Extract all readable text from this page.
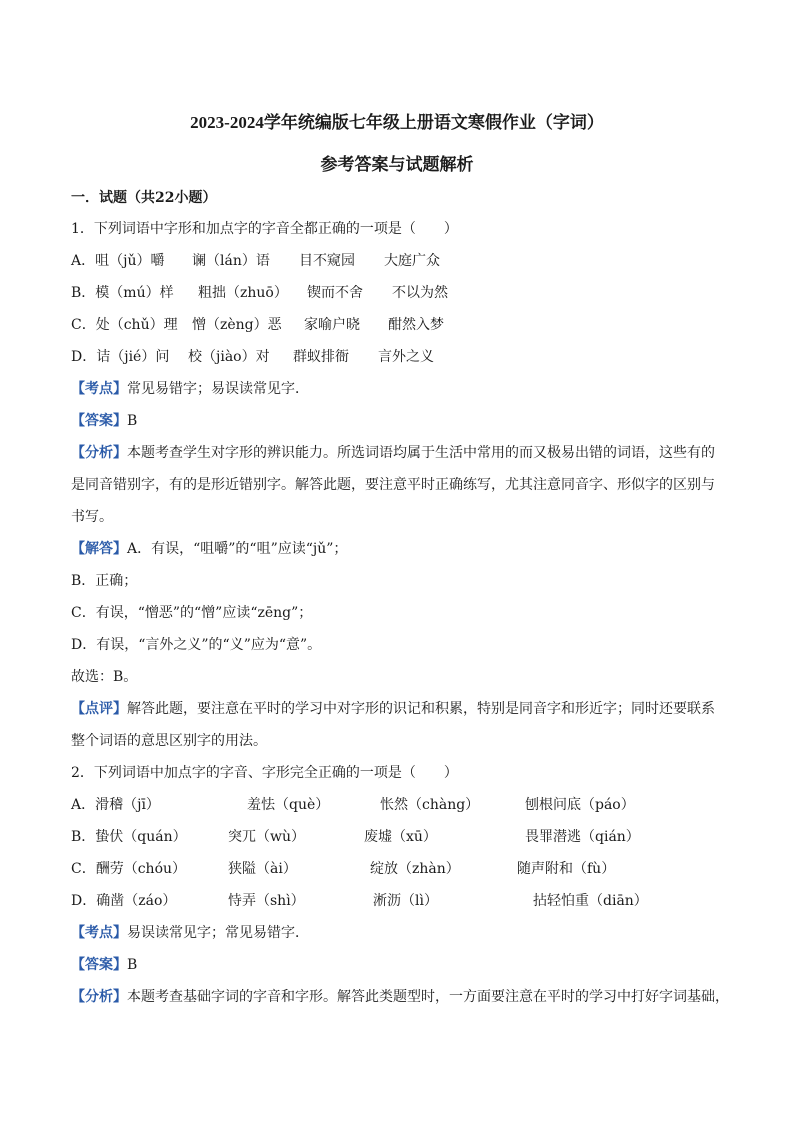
2023-2024学年统编版七年级上册语文寒假作业（字词）
参考答案与试题解析
一．试题（共22小题）
1．下列词语中字形和加点字的字音全都正确的一项是（　　）
A．咀（jǔ）嚼 谰（lán）语 目不窥园 大庭广众
B．模（mú）样 粗拙（zhuō） 锲而不舍 不以为然
C．处（chǔ）理 憎（zèng）恶 家喻户晓 酣然入梦
D．诘（jié）问 校（jiào）对 群蚁排衙 言外之义
【考点】常见易错字；易误读常见字．
【答案】B
【分析】本题考查学生对字形的辨识能力。所选词语均属于生活中常用的而又极易出错的词语，这些有的
是同音错别字，有的是形近错别字。解答此题，要注意平时正确练写，尤其注意同音字、形似字的区别与
书写。
【解答】A．有误，“咀嚼”的“咀”应读“jǔ”；
B．正确；
C．有误，“憎恶”的“憎”应读“zēng”；
D．有误，“言外之义”的“义”应为“意”。
故选：B。
【点评】解答此题，要注意在平时的学习中对字形的识记和积累，特别是同音字和形近字；同时还要联系
整个词语的意思区别字的用法。
2．下列词语中加点字的字音、字形完全正确的一项是（　　）
A．滑稽（jī）	羞怯（què）	怅然（chàng）	刨根问底（páo）
B．蛰伏（quán）	突兀（wù）	废墟（xū）	畏罪潜逃（qián）
C．酬劳（chóu）	狭隘（ài）	绽放（zhàn）	随声附和（fù）
D．确凿（záo）	恃弄（shì）	淅沥（lì）	拈轻怕重（diān）
【考点】易误读常见字；常见易错字．
【答案】B
【分析】本题考查基础字词的字音和字形。解答此类题型时，一方面要注意在平时的学习中打好字词基础，
